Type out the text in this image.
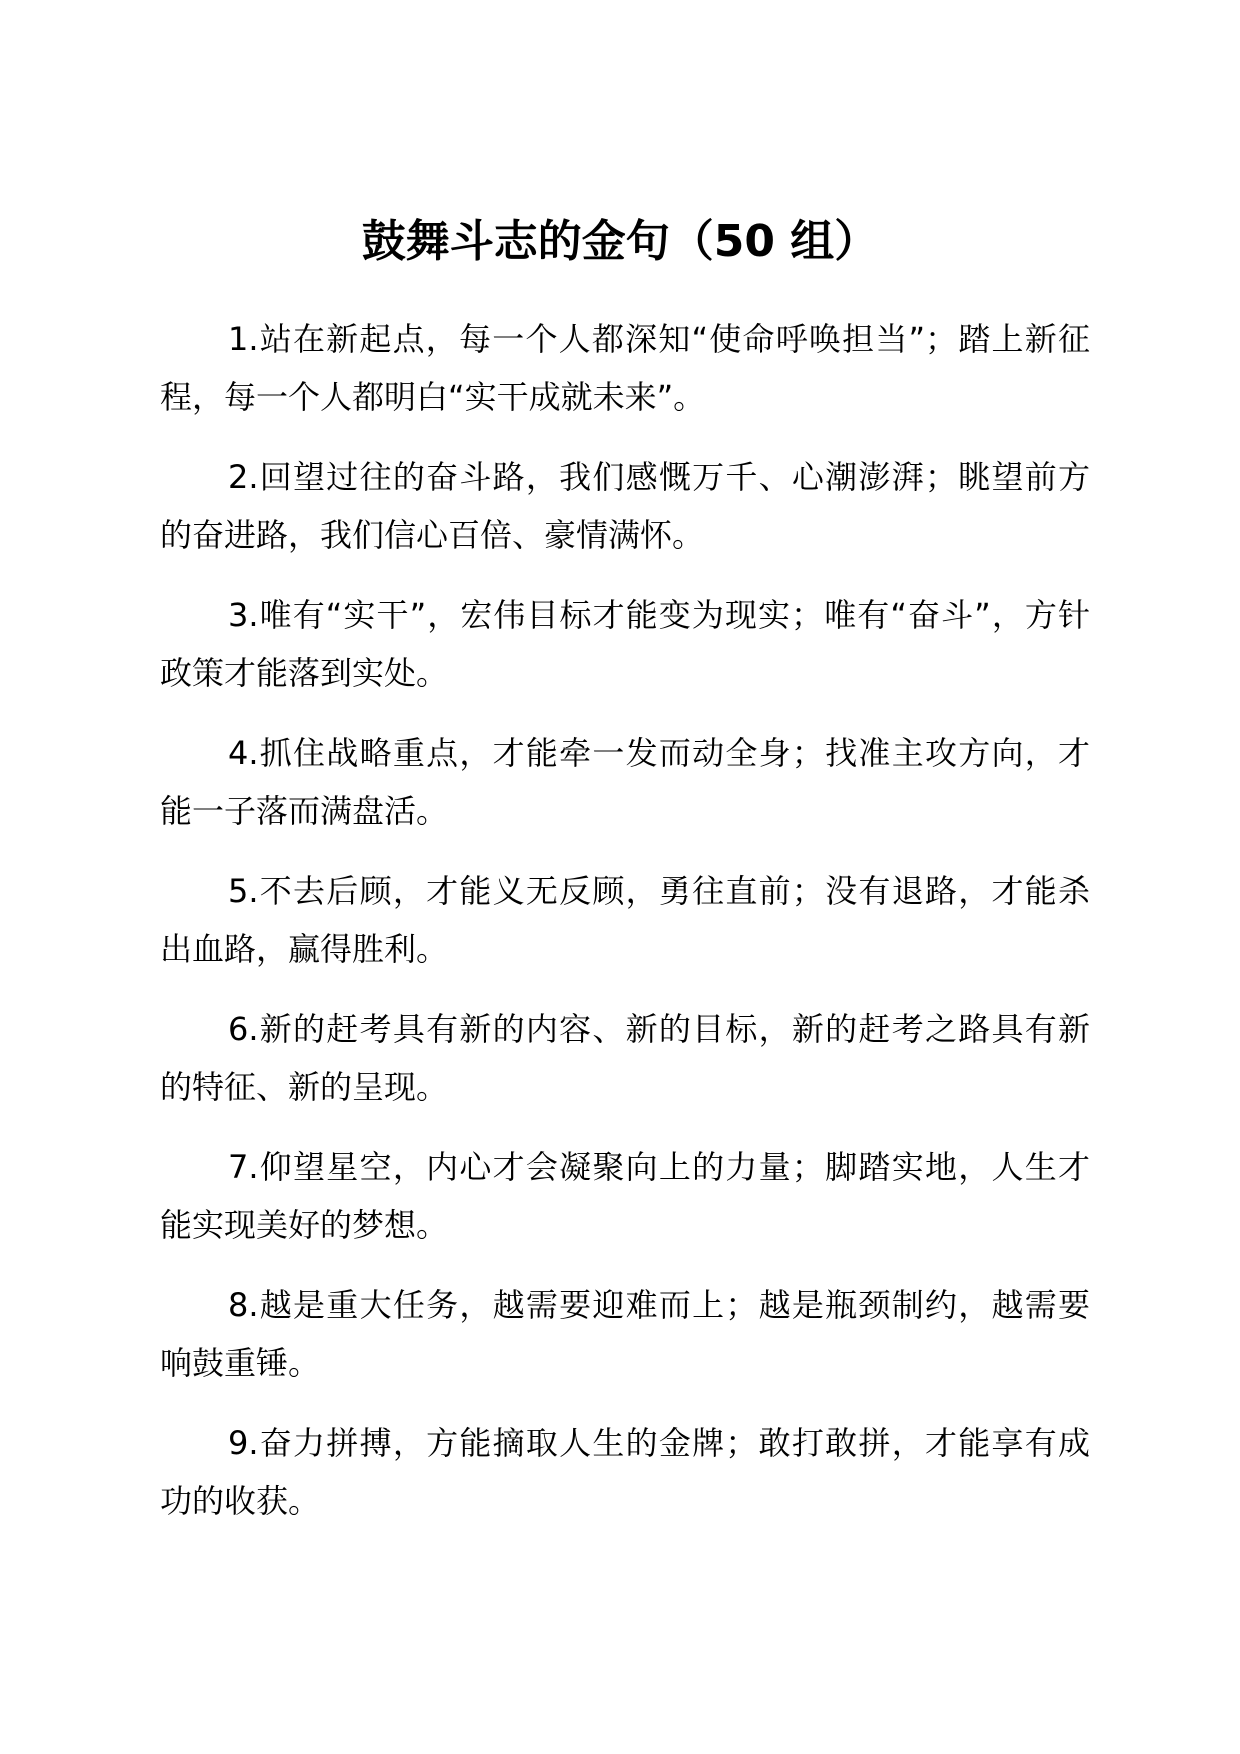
鼓舞斗志的金句（50 组）

1.站在新起点，每一个人都深知“使命呼唤担当”；踏上新征程，每一个人都明白“实干成就未来”。

2.回望过往的奋斗路，我们感慨万千、心潮澎湃；眺望前方的奋进路，我们信心百倍、豪情满怀。

3.唯有“实干”，宏伟目标才能变为现实；唯有“奋斗”，方针政策才能落到实处。

4.抓住战略重点，才能牵一发而动全身；找准主攻方向，才能一子落而满盘活。

5.不去后顾，才能义无反顾，勇往直前；没有退路，才能杀出血路，赢得胜利。

6.新的赶考具有新的内容、新的目标，新的赶考之路具有新的特征、新的呈现。

7.仰望星空，内心才会凝聚向上的力量；脚踏实地，人生才能实现美好的梦想。

8.越是重大任务，越需要迎难而上；越是瓶颈制约，越需要响鼓重锤。

9.奋力拼搏，方能摘取人生的金牌；敢打敢拼，才能享有成功的收获。
